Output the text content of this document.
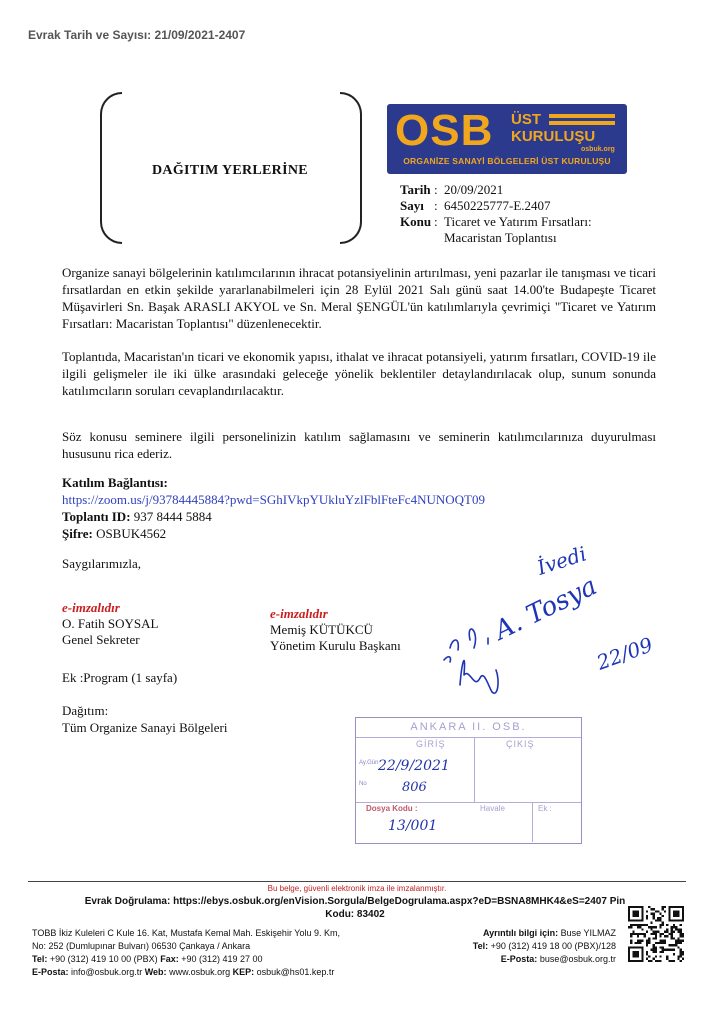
Evrak Tarih ve Sayısı: 21/09/2021-2407
DAĞITIM YERLERİNE
OSB ÜST
KURULUŞU
osbuk.org
ORGANİZE SANAYİ BÖLGELERİ ÜST KURULUŞU
Tarih : 20/09/2021
Sayı : 6450225777-E.2407
Konu : Ticaret ve Yatırım Fırsatları:
Macaristan Toplantısı
Organize sanayi bölgelerinin katılımcılarının ihracat potansiyelinin artırılması, yeni pazarlar ile tanışması ve ticari fırsatlardan en etkin şekilde yararlanabilmeleri için 28 Eylül 2021 Salı günü saat 14.00'te Budapeşte Ticaret Müşavirleri Sn. Başak ARASLI AKYOL ve Sn. Meral ŞENGÜL'ün katılımlarıyla çevrimiçi "Ticaret ve Yatırım Fırsatları: Macaristan Toplantısı" düzenlenecektir.
Toplantıda, Macaristan'ın ticari ve ekonomik yapısı, ithalat ve ihracat potansiyeli, yatırım fırsatları, COVID-19 ile ilgili gelişmeler ile iki ülke arasındaki geleceğe yönelik beklentiler detaylandırılacak olup, sunum sonunda katılımcıların soruları cevaplandırılacaktır.
Söz konusu seminere ilgili personelinizin katılım sağlamasını ve seminerin katılımcılarınıza duyurulması hususunu rica ederiz.
Katılım Bağlantısı:
https://zoom.us/j/93784445884?pwd=SGhIVkpYUkluYzlFblFteFc4NUNOQT09
Toplantı ID: 937 8444 5884
Şifre: OSBUK4562
Saygılarımızla,
e-imzalıdır
O. Fatih SOYSAL
Genel Sekreter
e-imzalıdır
Memiş KÜTÜKCÜ
Yönetim Kurulu Başkanı
Ek :Program (1 sayfa)
Dağıtım:
Tüm Organize Sanayi Bölgeleri
A. Tosya
İvedi
22/09
ANKARA II. OSB.
GİRİŞ	ÇIKIŞ
Ay.Gün
No
22/9/2021
806
Dosya Kodu :	Havale	Ek :
13/001
Bu belge, güvenli elektronik imza ile imzalanmıştır.
Evrak Doğrulama: https://ebys.osbuk.org/enVision.Sorgula/BelgeDogrulama.aspx?eD=BSNA8MHK4&eS=2407 Pin Kodu: 83402
TOBB İkiz Kuleleri C Kule 16. Kat, Mustafa Kemal Mah. Eskişehir Yolu 9. Km,
No: 252 (Dumlupınar Bulvarı) 06530 Çankaya / Ankara
Tel: +90 (312) 419 10 00 (PBX) Fax: +90 (312) 419 27 00
E-Posta: info@osbuk.org.tr Web: www.osbuk.org KEP: osbuk@hs01.kep.tr
Ayrıntılı bilgi için: Buse YILMAZ
Tel: +90 (312) 419 18 00 (PBX)/128
E-Posta: buse@osbuk.org.tr
